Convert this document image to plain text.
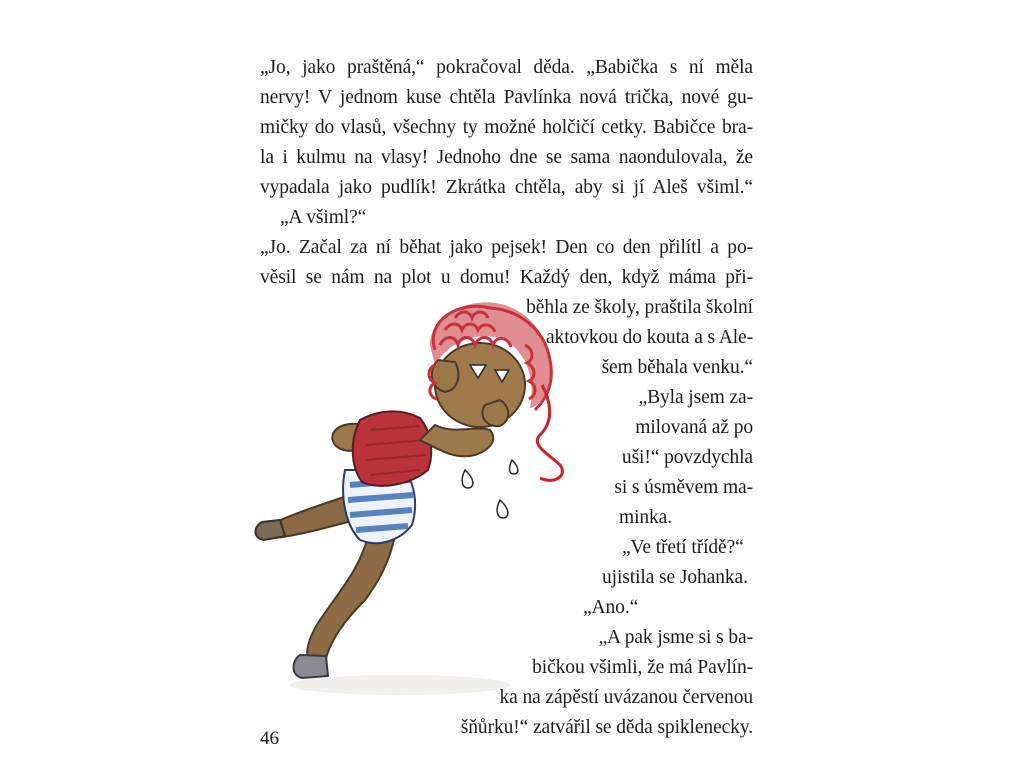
„Jo, jako praštěná,“ pokračoval děda. „Babička s ní měla
nervy! V jednom kuse chtěla Pavlínka nová trička, nové gu-
mičky do vlasů, všechny ty možné holčičí cetky. Babičce bra-
la i kulmu na vlasy! Jednoho dne se sama naondulovala, že
vypadala jako pudlík! Zkrátka chtěla, aby si jí Aleš všiml.“
„A všiml?“
„Jo. Začal za ní běhat jako pejsek! Den co den přilítl a po-
věsil se nám na plot u domu! Každý den, když máma při-
běhla ze školy, praštila školní
aktovkou do kouta a s Ale-
šem běhala venku.“
„Byla jsem za-
milovaná až po
uši!“ povzdychla
si s úsměvem ma-
minka.
„Ve třetí třídě?“
ujistila se Johanka.
„Ano.“
„A pak jsme si s ba-
bičkou všimli, že má Pavlín-
ka na zápěstí uvázanou červenou
šňůrku!“ zatvářil se děda spiklenecky.
46
